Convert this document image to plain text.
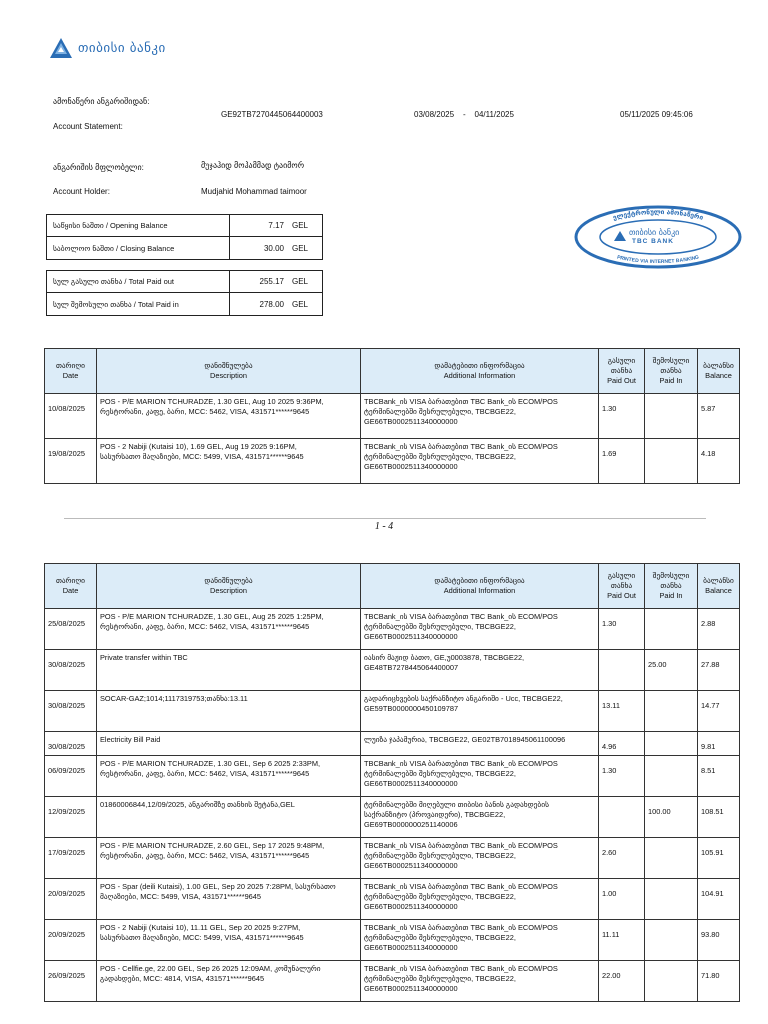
თიბისი ბანკი
ამონაწერი ანგარიშიდან:
Account Statement:
GE92TB7270445064400003	03/08/2025 - 04/11/2025	05/11/2025 09:45:06
ანგარიშის მფლობელი:	მუჯაჰიდ მოჰამმად ტაიმორ
Account Holder:	Mudjahid Mohammad taimoor
საწყისი ნაშთი / Opening Balance	7.17 GEL
საბოლოო ნაშთი / Closing Balance	30.00 GEL
სულ გასული თანხა / Total Paid out	255.17 GEL
სულ შემოსული თანხა / Total Paid in	278.00 GEL
ელექტრონული ამონაწერი
PRINTED VIA INTERNET BANKING
თიბისი ბანკი
TBC BANK
თარიღი
Date	დანიშნულება
Description	დამატებითი ინფორმაცია
Additional Information	გასული
თანხა
Paid Out	შემოსული
თანხა
Paid In	ბალანსი
Balance
10/08/2025	POS - P/E MARION TCHURADZE, 1.30 GEL, Aug 10 2025 9:36PM,
რესტორანი, კაფე, ბარი, MCC: 5462, VISA, 431571******9645	TBCBank_ის VISA ბარათებით TBC Bank_ის ECOM/POS
ტერმინალებში შესრულებული, TBCBGE22,
GE66TB0002511340000000	1.30		5.87
19/08/2025	POS - 2 Nabiji (Kutaisi 10), 1.69 GEL, Aug 19 2025 9:16PM,
სასურსათო მაღაზიები, MCC: 5499, VISA, 431571******9645	TBCBank_ის VISA ბარათებით TBC Bank_ის ECOM/POS
ტერმინალებში შესრულებული, TBCBGE22,
GE66TB0002511340000000	1.69		4.18
1 - 4
თარიღი
Date	დანიშნულება
Description	დამატებითი ინფორმაცია
Additional Information	გასული
თანხა
Paid Out	შემოსული
თანხა
Paid In	ბალანსი
Balance
25/08/2025	POS - P/E MARION TCHURADZE, 1.30 GEL, Aug 25 2025 1:25PM,
რესტორანი, კაფე, ბარი, MCC: 5462, VISA, 431571******9645	TBCBank_ის VISA ბარათებით TBC Bank_ის ECOM/POS
ტერმინალებში შესრულებული, TBCBGE22,
GE66TB0002511340000000	1.30		2.88
30/08/2025	Private transfer within TBC	იასირ მაჟიდ ბათო, GE,უ0003878, TBCBGE22,
GE48TB7278445064400007		25.00	27.88
30/08/2025	SOCAR-GAZ;1014;1117319753;თანხა:13.11	გადარიცხვების საქრანზიტო ანგარიში - Ucc, TBCBGE22,
GE59TB0000000450109787	13.11		14.77
30/08/2025	Electricity Bill Paid	ლუიზა ჯაპამურია, TBCBGE22, GE02TB7018945061100096	4.96		9.81
06/09/2025	POS - P/E MARION TCHURADZE, 1.30 GEL, Sep 6 2025 2:33PM,
რესტორანი, კაფე, ბარი, MCC: 5462, VISA, 431571******9645	TBCBank_ის VISA ბარათებით TBC Bank_ის ECOM/POS
ტერმინალებში შესრულებული, TBCBGE22,
GE66TB0002511340000000	1.30		8.51
12/09/2025	01860006844,12/09/2025, ანგარიშზე თანხის შეტანა,GEL	ტერმინალებში მიღებული თიბისი ბანის გადახდების
საქრანზიტო (პროვაიდერი), TBCBGE22,
GE69TB0000000251140006		100.00	108.51
17/09/2025	POS - P/E MARION TCHURADZE, 2.60 GEL, Sep 17 2025 9:48PM,
რესტორანი, კაფე, ბარი, MCC: 5462, VISA, 431571******9645	TBCBank_ის VISA ბარათებით TBC Bank_ის ECOM/POS
ტერმინალებში შესრულებული, TBCBGE22,
GE66TB0002511340000000	2.60		105.91
20/09/2025	POS - Spar (deili Kutaisi), 1.00 GEL, Sep 20 2025 7:28PM, სასურსათო
მაღაზიები, MCC: 5499, VISA, 431571******9645	TBCBank_ის VISA ბარათებით TBC Bank_ის ECOM/POS
ტერმინალებში შესრულებული, TBCBGE22,
GE66TB0002511340000000	1.00		104.91
20/09/2025	POS - 2 Nabiji (Kutaisi 10), 11.11 GEL, Sep 20 2025 9:27PM,
სასურსათო მაღაზიები, MCC: 5499, VISA, 431571******9645	TBCBank_ის VISA ბარათებით TBC Bank_ის ECOM/POS
ტერმინალებში შესრულებული, TBCBGE22,
GE66TB0002511340000000	11.11		93.80
26/09/2025	POS - Cellfie.ge, 22.00 GEL, Sep 26 2025 12:09AM, კომუნალური
გადახდები, MCC: 4814, VISA, 431571******9645	TBCBank_ის VISA ბარათებით TBC Bank_ის ECOM/POS
ტერმინალებში შესრულებული, TBCBGE22,
GE66TB0002511340000000	22.00		71.80
